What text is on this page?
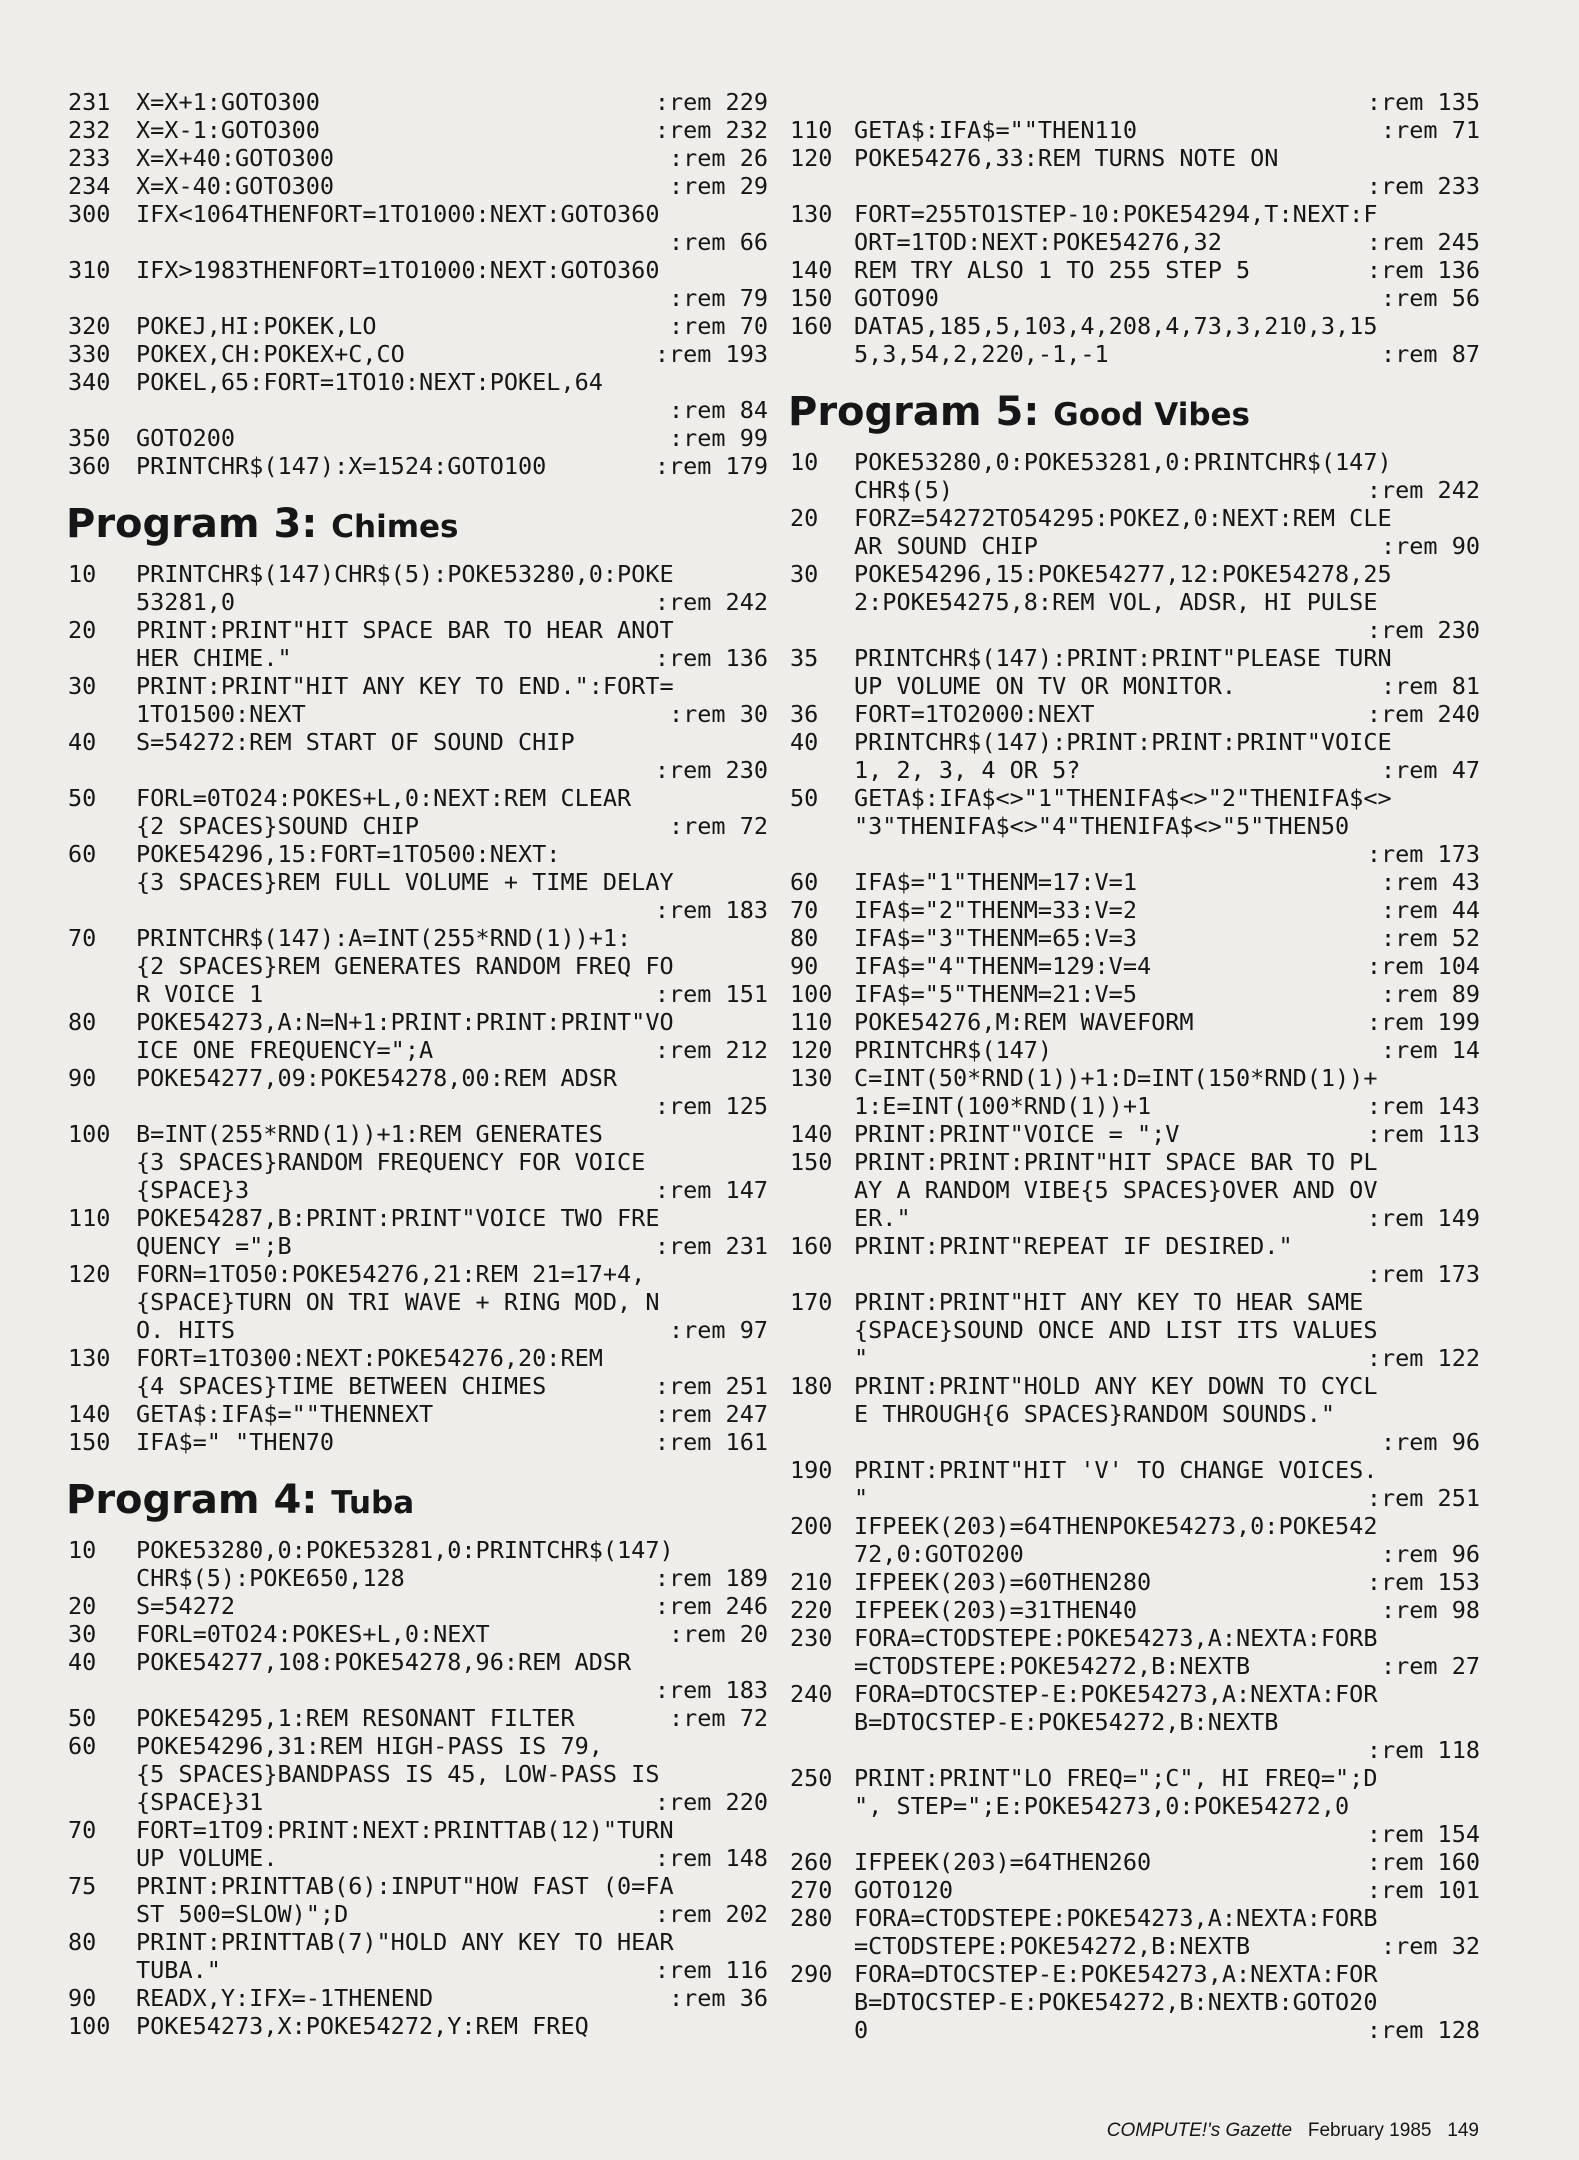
231 X=X+1:GOTO300	:rem 229
232 X=X-1:GOTO300	:rem 232
233 X=X+40:GOTO300	:rem 26
234 X=X-40:GOTO300	:rem 29
300 IFX<1064THENFORT=1TO1000:NEXT:GOTO360
:rem 66
310 IFX>1983THENFORT=1TO1000:NEXT:GOTO360
:rem 79
320 POKEJ,HI:POKEK,LO	:rem 70
330 POKEX,CH:POKEX+C,CO	:rem 193
340 POKEL,65:FORT=1TO10:NEXT:POKEL,64
:rem 84
350 GOTO200	:rem 99
360 PRINTCHR$(147):X=1524:GOTO100	:rem 179
Program 3: Chimes
10 PRINTCHR$(147)CHR$(5):POKE53280,0:POKE
53281,0	:rem 242
20 PRINT:PRINT"HIT SPACE BAR TO HEAR ANOT
HER CHIME."	:rem 136
30 PRINT:PRINT"HIT ANY KEY TO END.":FORT=
1TO1500:NEXT	:rem 30
40 S=54272:REM START OF SOUND CHIP
:rem 230
50 FORL=0TO24:POKES+L,0:NEXT:REM CLEAR
{2 SPACES}SOUND CHIP	:rem 72
60 POKE54296,15:FORT=1TO500:NEXT:
{3 SPACES}REM FULL VOLUME + TIME DELAY
:rem 183
70 PRINTCHR$(147):A=INT(255*RND(1))+1:
{2 SPACES}REM GENERATES RANDOM FREQ FO
R VOICE 1	:rem 151
80 POKE54273,A:N=N+1:PRINT:PRINT:PRINT"VO
ICE ONE FREQUENCY=";A	:rem 212
90 POKE54277,09:POKE54278,00:REM ADSR
:rem 125
100 B=INT(255*RND(1))+1:REM GENERATES
{3 SPACES}RANDOM FREQUENCY FOR VOICE
{SPACE}3	:rem 147
110 POKE54287,B:PRINT:PRINT"VOICE TWO FRE
QUENCY =";B	:rem 231
120 FORN=1TO50:POKE54276,21:REM 21=17+4,
{SPACE}TURN ON TRI WAVE + RING MOD, N
O. HITS	:rem 97
130 FORT=1TO300:NEXT:POKE54276,20:REM
{4 SPACES}TIME BETWEEN CHIMES	:rem 251
140 GETA$:IFA$=""THENNEXT	:rem 247
150 IFA$=" "THEN70	:rem 161
Program 4: Tuba
10 POKE53280,0:POKE53281,0:PRINTCHR$(147)
CHR$(5):POKE650,128	:rem 189
20 S=54272	:rem 246
30 FORL=0TO24:POKES+L,0:NEXT	:rem 20
40 POKE54277,108:POKE54278,96:REM ADSR
:rem 183
50 POKE54295,1:REM RESONANT FILTER	:rem 72
60 POKE54296,31:REM HIGH-PASS IS 79,
{5 SPACES}BANDPASS IS 45, LOW-PASS IS
{SPACE}31	:rem 220
70 FORT=1TO9:PRINT:NEXT:PRINTTAB(12)"TURN
UP VOLUME.	:rem 148
75 PRINT:PRINTTAB(6):INPUT"HOW FAST (0=FA
ST 500=SLOW)";D	:rem 202
80 PRINT:PRINTTAB(7)"HOLD ANY KEY TO HEAR
TUBA."	:rem 116
90 READX,Y:IFX=-1THENEND	:rem 36
100 POKE54273,X:POKE54272,Y:REM FREQ
:rem 135
110 GETA$:IFA$=""THEN110	:rem 71
120 POKE54276,33:REM TURNS NOTE ON
:rem 233
130 FORT=255TO1STEP-10:POKE54294,T:NEXT:F
ORT=1TOD:NEXT:POKE54276,32	:rem 245
140 REM TRY ALSO 1 TO 255 STEP 5	:rem 136
150 GOTO90	:rem 56
160 DATA5,185,5,103,4,208,4,73,3,210,3,15
5,3,54,2,220,-1,-1	:rem 87
Program 5: Good Vibes
10 POKE53280,0:POKE53281,0:PRINTCHR$(147)
CHR$(5)	:rem 242
20 FORZ=54272TO54295:POKEZ,0:NEXT:REM CLE
AR SOUND CHIP	:rem 90
30 POKE54296,15:POKE54277,12:POKE54278,25
2:POKE54275,8:REM VOL, ADSR, HI PULSE
:rem 230
35 PRINTCHR$(147):PRINT:PRINT"PLEASE TURN
UP VOLUME ON TV OR MONITOR.	:rem 81
36 FORT=1TO2000:NEXT	:rem 240
40 PRINTCHR$(147):PRINT:PRINT:PRINT"VOICE
1, 2, 3, 4 OR 5?	:rem 47
50 GETA$:IFA$<>"1"THENIFA$<>"2"THENIFA$<>
"3"THENIFA$<>"4"THENIFA$<>"5"THEN50
:rem 173
60 IFA$="1"THENM=17:V=1	:rem 43
70 IFA$="2"THENM=33:V=2	:rem 44
80 IFA$="3"THENM=65:V=3	:rem 52
90 IFA$="4"THENM=129:V=4	:rem 104
100 IFA$="5"THENM=21:V=5	:rem 89
110 POKE54276,M:REM WAVEFORM	:rem 199
120 PRINTCHR$(147)	:rem 14
130 C=INT(50*RND(1))+1:D=INT(150*RND(1))+
1:E=INT(100*RND(1))+1	:rem 143
140 PRINT:PRINT"VOICE = ";V	:rem 113
150 PRINT:PRINT:PRINT"HIT SPACE BAR TO PL
AY A RANDOM VIBE{5 SPACES}OVER AND OV
ER."	:rem 149
160 PRINT:PRINT"REPEAT IF DESIRED."
:rem 173
170 PRINT:PRINT"HIT ANY KEY TO HEAR SAME
{SPACE}SOUND ONCE AND LIST ITS VALUES
"	:rem 122
180 PRINT:PRINT"HOLD ANY KEY DOWN TO CYCL
E THROUGH{6 SPACES}RANDOM SOUNDS."
:rem 96
190 PRINT:PRINT"HIT 'V' TO CHANGE VOICES.
"	:rem 251
200 IFPEEK(203)=64THENPOKE54273,0:POKE542
72,0:GOTO200	:rem 96
210 IFPEEK(203)=60THEN280	:rem 153
220 IFPEEK(203)=31THEN40	:rem 98
230 FORA=CTODSTEPE:POKE54273,A:NEXTA:FORB
=CTODSTEPE:POKE54272,B:NEXTB	:rem 27
240 FORA=DTOCSTEP-E:POKE54273,A:NEXTA:FOR
B=DTOCSTEP-E:POKE54272,B:NEXTB
:rem 118
250 PRINT:PRINT"LO FREQ=";C", HI FREQ=";D
", STEP=";E:POKE54273,0:POKE54272,0
:rem 154
260 IFPEEK(203)=64THEN260	:rem 160
270 GOTO120	:rem 101
280 FORA=CTODSTEPE:POKE54273,A:NEXTA:FORB
=CTODSTEPE:POKE54272,B:NEXTB	:rem 32
290 FORA=DTOCSTEP-E:POKE54273,A:NEXTA:FOR
B=DTOCSTEP-E:POKE54272,B:NEXTB:GOTO20
0	:rem 128
COMPUTE!'s Gazette February 1985 149
